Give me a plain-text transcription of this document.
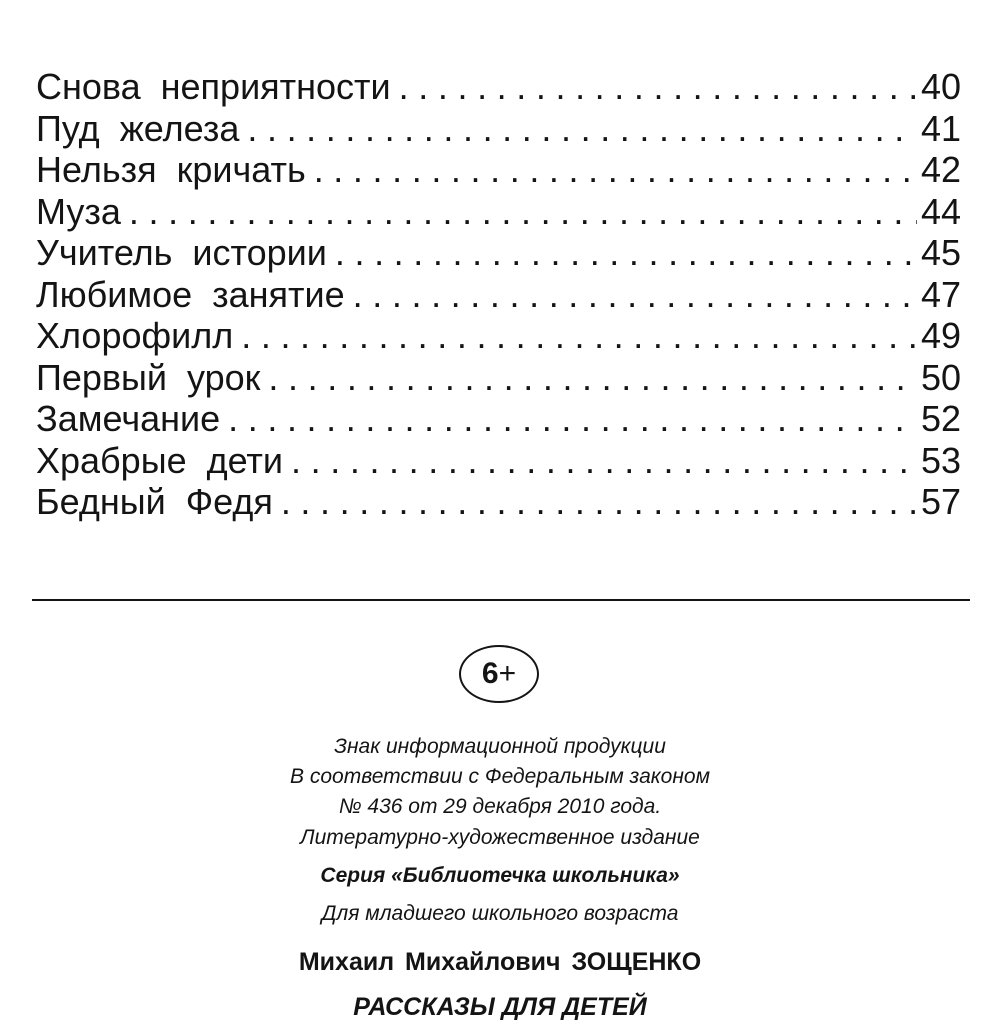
Снова неприятности .....	40
Пуд железа .....	41
Нельзя кричать .....	42
Муза .....	44
Учитель истории .....	45
Любимое занятие .....	47
Хлорофилл .....	49
Первый урок .....	50
Замечание .....	52
Храбрые дети .....	53
Бедный Федя .....	57
6 +
Знак информационной продукции
В соответствии с Федеральным законом
№ 436 от 29 декабря 2010 года.
Литературно-художественное издание
Серия «Библиотечка школьника»
Для младшего школьного возраста
Михаил Михайлович ЗОЩЕНКО
РАССКАЗЫ ДЛЯ ДЕТЕЙ
